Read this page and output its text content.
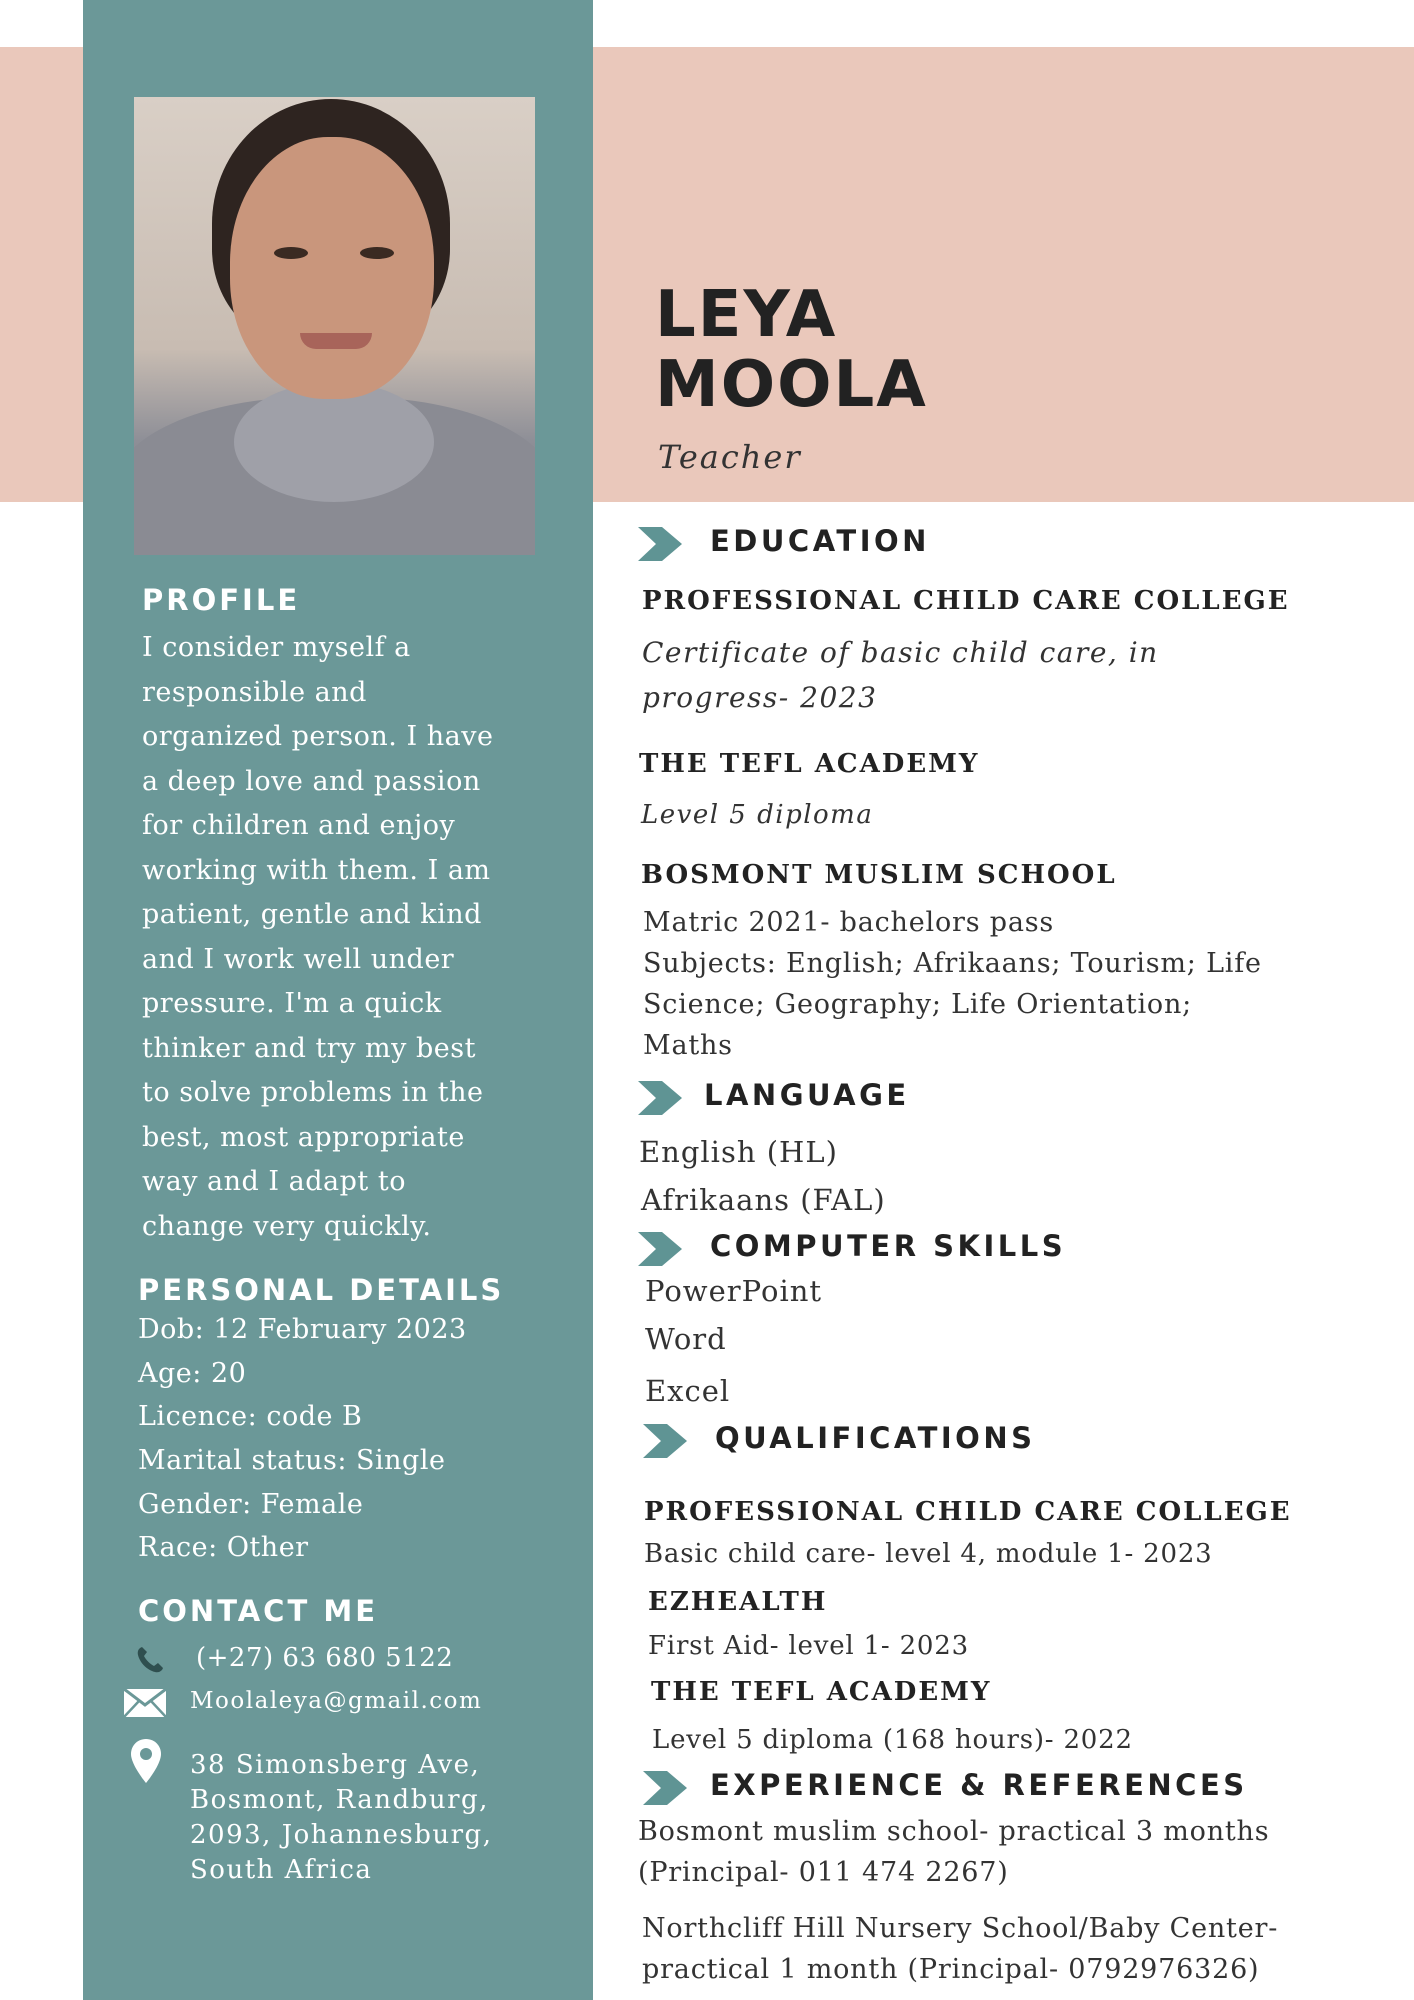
LEYA
MOOLA
Teacher
PROFILE
I consider myself a
responsible and
organized person. I have
a deep love and passion
for children and enjoy
working with them. I am
patient, gentle and kind
and I work well under
pressure. I'm a quick
thinker and try my best
to solve problems in the
best, most appropriate
way and I adapt to
change very quickly.
PERSONAL DETAILS
Dob: 12 February 2023
Age: 20
Licence: code B
Marital status: Single
Gender: Female
Race: Other
CONTACT ME
(+27) 63 680 5122
Moolaleya@gmail.com
38 Simonsberg Ave,
Bosmont, Randburg,
2093, Johannesburg,
South Africa
EDUCATION
PROFESSIONAL CHILD CARE COLLEGE
Certificate of basic child care, in
progress- 2023
THE TEFL ACADEMY
Level 5 diploma
BOSMONT MUSLIM SCHOOL
Matric 2021- bachelors pass
Subjects: English; Afrikaans; Tourism; Life
Science; Geography; Life Orientation;
Maths
LANGUAGE
English (HL)
Afrikaans (FAL)
COMPUTER SKILLS
PowerPoint
Word
Excel
QUALIFICATIONS
PROFESSIONAL CHILD CARE COLLEGE
Basic child care- level 4, module 1- 2023
EZHEALTH
First Aid- level 1- 2023
THE TEFL ACADEMY
Level 5 diploma (168 hours)- 2022
EXPERIENCE & REFERENCES
Bosmont muslim school- practical 3 months
(Principal- 011 474 2267)
Northcliff Hill Nursery School/Baby Center-
practical 1 month (Principal- 0792976326)
